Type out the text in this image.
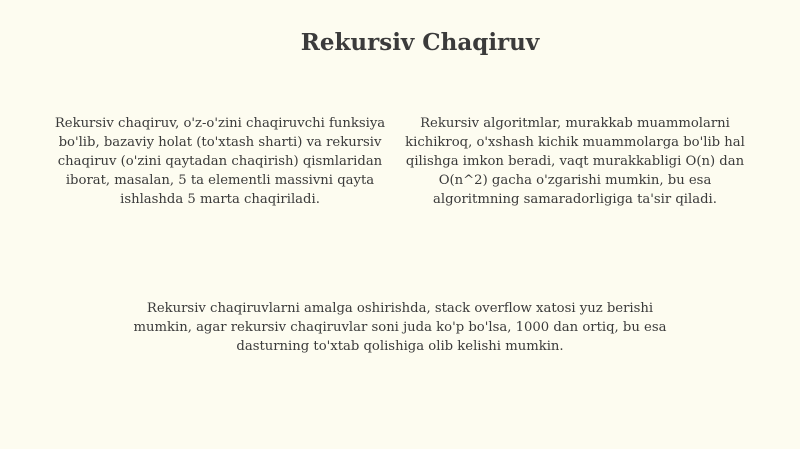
Rekursiv Chaqiruv

Rekursiv chaqiruv, o'z-o'zini chaqiruvchi funksiya bo'lib, bazaviy holat (to'xtash sharti) va rekursiv chaqiruv (o'zini qaytadan chaqirish) qismlaridan iborat, masalan, 5 ta elementli massivni qayta ishlashda 5 marta chaqiriladi.

Rekursiv algoritmlar, murakkab muammolarni kichikroq, o'xshash kichik muammolarga bo'lib hal qilishga imkon beradi, vaqt murakkabligi O(n) dan O(n^2) gacha o'zgarishi mumkin, bu esa algoritmning samaradorligiga ta'sir qiladi.

Rekursiv chaqiruvlarni amalga oshirishda, stack overflow xatosi yuz berishi mumkin, agar rekursiv chaqiruvlar soni juda ko'p bo'lsa, 1000 dan ortiq, bu esa dasturning to'xtab qolishiga olib kelishi mumkin.
